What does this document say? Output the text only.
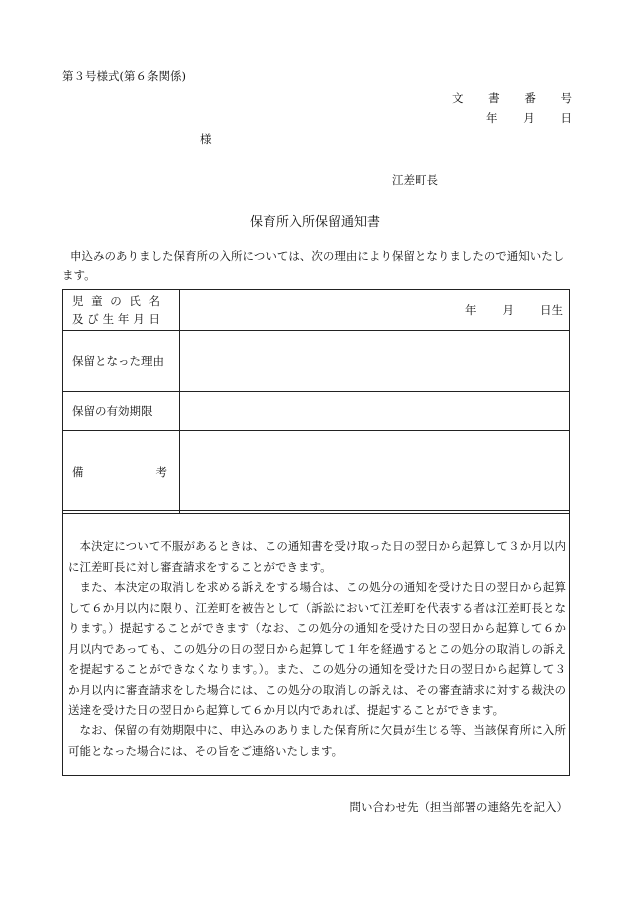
第３号様式(第６条関係)
文 書 番 号
年 月 日
様
江差町長
保育所入所保留通知書
申込みのありました保育所の入所については、次の理由により保留となりましたので通知いたします。
児 童 の 氏 名
及 び 生 年 月 日
年 月 日生
保留となった理由
保留の有効期限
備	考

本決定について不服があるときは、この通知書を受け取った日の翌日から起算して３か月以内に江差町長に対し審査請求をすることができます。

また、本決定の取消しを求める訴えをする場合は、この処分の通知を受けた日の翌日から起算して６か月以内に限り、江差町を被告として（訴訟において江差町を代表する者は江差町長となります。）提起することができます（なお、この処分の通知を受けた日の翌日から起算して６か月以内であっても、この処分の日の翌日から起算して１年を経過するとこの処分の取消しの訴えを提起することができなくなります。）。また、この処分の通知を受けた日の翌日から起算して３か月以内に審査請求をした場合には、この処分の取消しの訴えは、その審査請求に対する裁決の送達を受けた日の翌日から起算して６か月以内であれば、提起することができます。

なお、保留の有効期限中に、申込みのありました保育所に欠員が生じる等、当該保育所に入所可能となった場合には、その旨をご連絡いたします。

問い合わせ先（担当部署の連絡先を記入）
